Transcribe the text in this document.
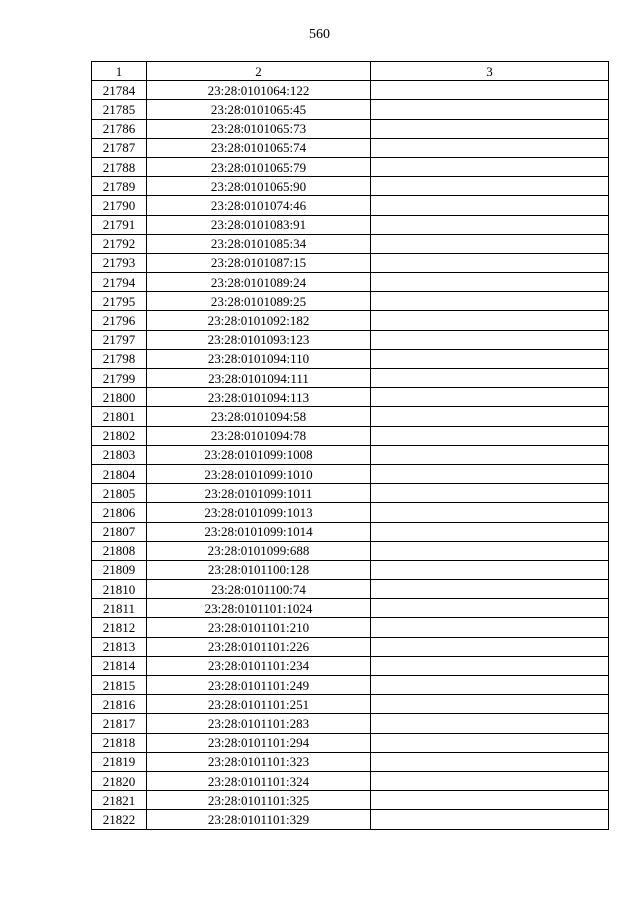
560
1	2	3
21784	23:28:0101064:122	
21785	23:28:0101065:45	
21786	23:28:0101065:73	
21787	23:28:0101065:74	
21788	23:28:0101065:79	
21789	23:28:0101065:90	
21790	23:28:0101074:46	
21791	23:28:0101083:91	
21792	23:28:0101085:34	
21793	23:28:0101087:15	
21794	23:28:0101089:24	
21795	23:28:0101089:25	
21796	23:28:0101092:182	
21797	23:28:0101093:123	
21798	23:28:0101094:110	
21799	23:28:0101094:111	
21800	23:28:0101094:113	
21801	23:28:0101094:58	
21802	23:28:0101094:78	
21803	23:28:0101099:1008	
21804	23:28:0101099:1010	
21805	23:28:0101099:1011	
21806	23:28:0101099:1013	
21807	23:28:0101099:1014	
21808	23:28:0101099:688	
21809	23:28:0101100:128	
21810	23:28:0101100:74	
21811	23:28:0101101:1024	
21812	23:28:0101101:210	
21813	23:28:0101101:226	
21814	23:28:0101101:234	
21815	23:28:0101101:249	
21816	23:28:0101101:251	
21817	23:28:0101101:283	
21818	23:28:0101101:294	
21819	23:28:0101101:323	
21820	23:28:0101101:324	
21821	23:28:0101101:325	
21822	23:28:0101101:329	
